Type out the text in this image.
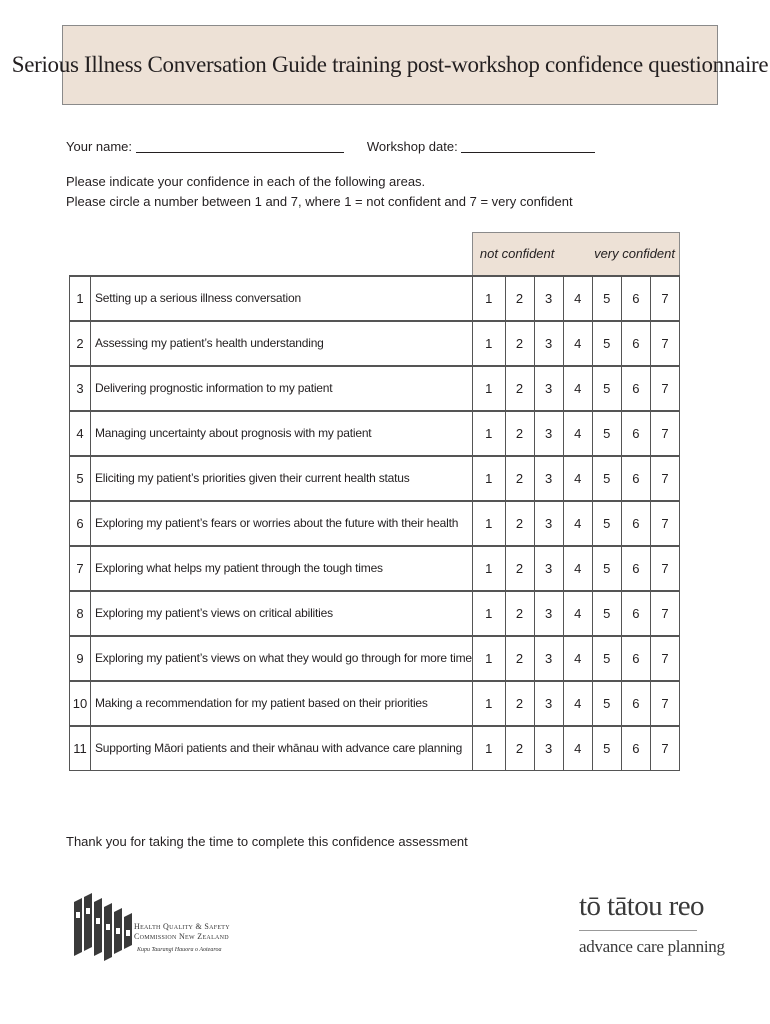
Serious Illness Conversation Guide training post-workshop confidence questionnaire
Your name:	Workshop date:
Please indicate your confidence in each of the following areas.
Please circle a number between 1 and 7, where 1 = not confident and 7 = very confident

		not confident very confident						

1	Setting up a serious illness conversation	1	2	3	4	5	6	7
2	Assessing my patient’s health understanding	1	2	3	4	5	6	7
3	Delivering prognostic information to my patient	1	2	3	4	5	6	7
4	Managing uncertainty about prognosis with my patient	1	2	3	4	5	6	7
5	Eliciting my patient’s priorities given their current health status	1	2	3	4	5	6	7
6	Exploring my patient’s fears or worries about the future with their health	1	2	3	4	5	6	7
7	Exploring what helps my patient through the tough times	1	2	3	4	5	6	7
8	Exploring my patient’s views on critical abilities	1	2	3	4	5	6	7
9	Exploring my patient’s views on what they would go through for more time	1	2	3	4	5	6	7
10	Making a recommendation for my patient based on their priorities	1	2	3	4	5	6	7
11	Supporting Māori patients and their whānau with advance care planning	1	2	3	4	5	6	7
Thank you for taking the time to complete this confidence assessment
Health Quality & Safety
Commission New Zealand
Kupu Taurangi Hauora o Aotearoa
tō tātou reo
advance care planning
